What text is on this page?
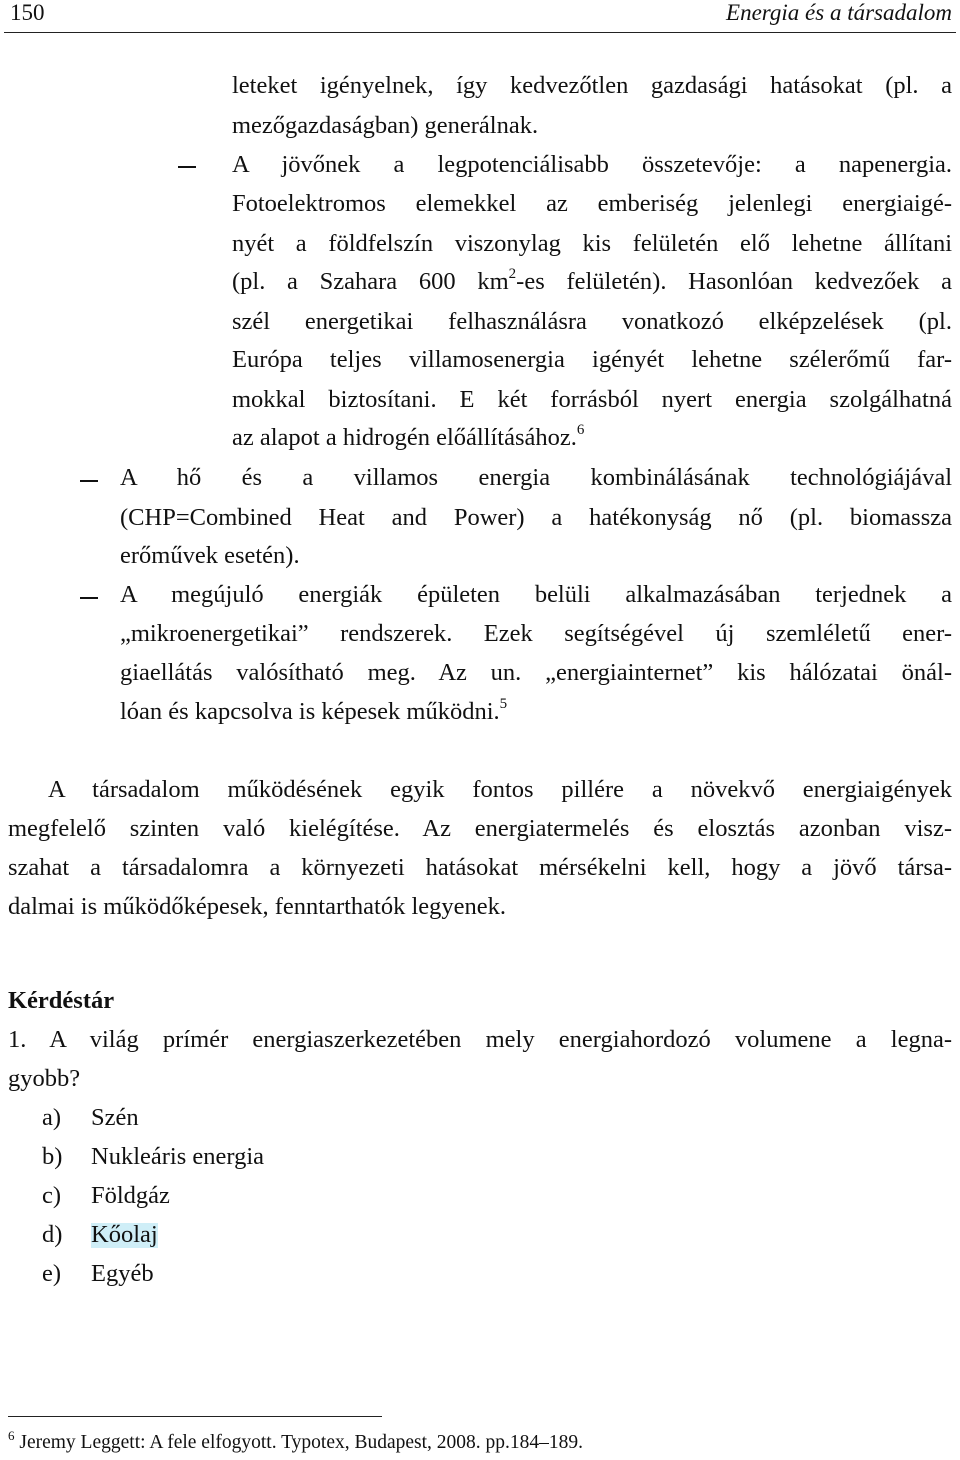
150	Energia és a társadalom
leteket igényelnek, így kedvezőtlen gazdasági hatásokat (pl. a
mezőgazdaságban) generálnak.
A jövőnek a legpotenciálisabb összetevője: a napenergia.
Fotoelektromos elemekkel az emberiség jelenlegi energiaigé-
nyét a földfelszín viszonylag kis felületén elő lehetne állítani
(pl. a Szahara 600 $km^2-es$ felületén). Hasonlóan kedvezőek a
szél energetikai felhasználásra vonatkozó elképzelések (pl.
Európa teljes villamosenergia igényét lehetne szélerőmű far-
mokkal biztosítani. E két forrásból nyert energia szolgálhatná
az alapot a hidrogén előállításához.$^6$
A hő és a villamos energia kombinálásának technológiájával
(CHP=Combined Heat and Power) a hatékonyság nő (pl. biomassza
erőművek esetén).
A megújuló energiák épületen belüli alkalmazásában terjednek a
„mikroenergetikai” rendszerek. Ezek segítségével új szemléletű ener-
giaellátás valósítható meg. Az un. „energiainternet” kis hálózatai önál-
lóan és kapcsolva is képesek működni.$^5$
A társadalom működésének egyik fontos pillére a növekvő energiaigények
megfelelő szinten való kielégítése. Az energiatermelés és elosztás azonban visz-
szahat a társadalomra a környezeti hatásokat mérsékelni kell, hogy a jövő társa-
dalmai is működőképesek, fenntarthatók legyenek.
Kérdéstár
1. A világ prímér energiaszerkezetében mely energiahordozó volumene a legna-
gyobb?
a) Szén
b) Nukleáris energia
c) Földgáz
d) Kőolaj
e) Egyéb
$^6$ Jeremy Leggett: A fele elfogyott. Typotex, Budapest, 2008. pp.184–189.
